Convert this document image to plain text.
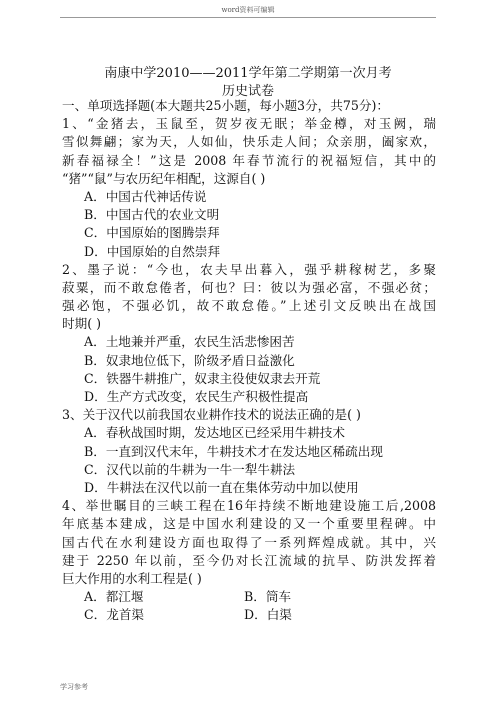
word资料可编辑
南康中学2010——2011学年第二学期第一次月考
历史试卷
一、单项选择题(本大题共25小题，每小题3分，共75分)：
1、“金猪去，玉鼠至，贺岁夜无眠；举金樽，对玉阙，瑞
雪似舞翩；家为天，人如仙，快乐走人间；众亲朋，阖家欢，
新春福禄全！”这是 2008 年春节流行的祝福短信，其中的
“猪”“鼠”与农历纪年相配，这源自( )
A．中国古代神话传说
B．中国古代的农业文明
C．中国原始的图腾崇拜
D．中国原始的自然崇拜
2、墨子说：“今也，农夫早出暮入，强乎耕稼树艺，多聚
菽粟，而不敢怠倦者，何也？曰：彼以为强必富，不强必贫；
强必饱，不强必饥，故不敢怠倦。”上述引文反映出在战国
时期( )
A．土地兼并严重，农民生活悲惨困苦
B．奴隶地位低下，阶级矛盾日益激化
C．铁器牛耕推广，奴隶主役使奴隶去开荒
D．生产方式改变，农民生产积极性提高
3、关于汉代以前我国农业耕作技术的说法正确的是( )
A．春秋战国时期，发达地区已经采用牛耕技术
B．一直到汉代末年，牛耕技术才在发达地区稀疏出现
C．汉代以前的牛耕为一牛一犁牛耕法
D．牛耕法在汉代以前一直在集体劳动中加以使用
4、举世瞩目的三峡工程在16年持续不断地建设施工后,2008
年底基本建成，这是中国水利建设的又一个重要里程碑。中
国古代在水利建设方面也取得了一系列辉煌成就。其中，兴
建于 2250 年以前，至今仍对长江流域的抗旱、防洪发挥着
巨大作用的水利工程是( )
A．都江堰	B．筒车
C．龙首渠	D．白渠
学习参考
